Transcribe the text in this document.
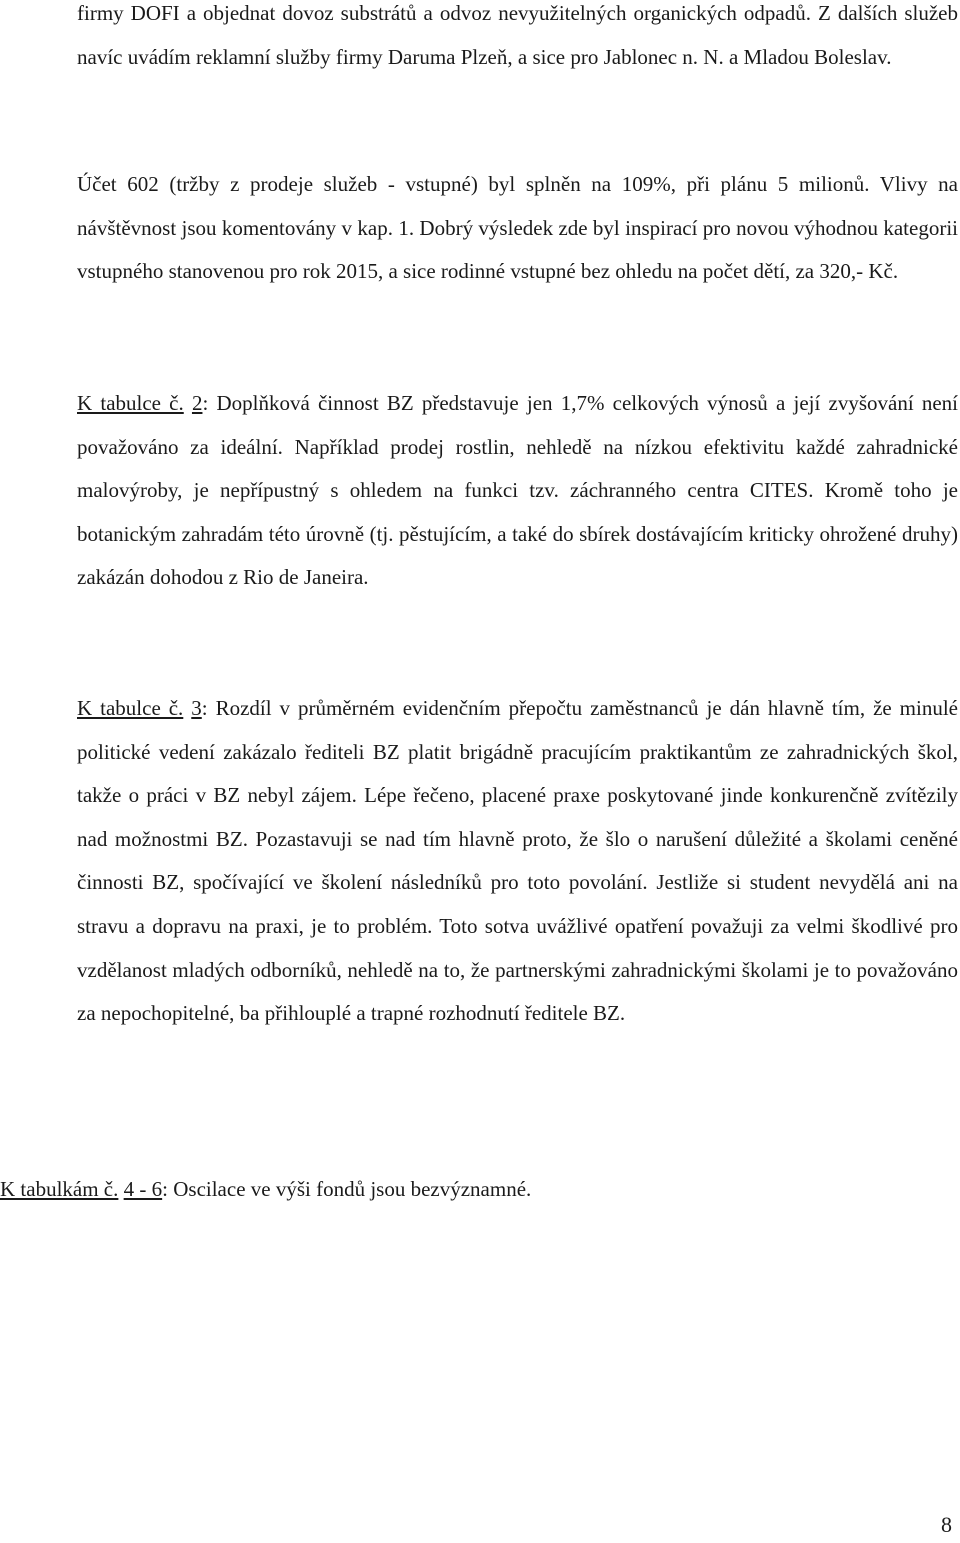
firmy DOFI a objednat dovoz substrátů a odvoz nevyužitelných organických odpadů. Z dalších služeb navíc uvádím reklamní služby firmy Daruma Plzeň, a sice pro Jablonec n. N. a Mladou Boleslav.

Účet 602 (tržby z prodeje služeb - vstupné) byl splněn na 109%, při plánu 5 milionů. Vlivy na návštěvnost jsou komentovány v kap. 1. Dobrý výsledek zde byl inspirací pro novou výhodnou kategorii vstupného stanovenou pro rok 2015, a sice rodinné vstupné bez ohledu na počet dětí, za 320,- Kč.

K tabulce č. 2: Doplňková činnost BZ představuje jen 1,7% celkových výnosů a její zvyšování není považováno za ideální. Například prodej rostlin, nehledě na nízkou efektivitu každé zahradnické malovýroby, je nepřípustný s ohledem na funkci tzv. záchranného centra CITES. Kromě toho je botanickým zahradám této úrovně (tj. pěstujícím, a také do sbírek dostávajícím kriticky ohrožené druhy) zakázán dohodou z Rio de Janeira.

K tabulce č. 3: Rozdíl v průměrném evidenčním přepočtu zaměstnanců je dán hlavně tím, že minulé politické vedení zakázalo řediteli BZ platit brigádně pracujícím praktikantům ze zahradnických škol, takže o práci v BZ nebyl zájem. Lépe řečeno, placené praxe poskytované jinde konkurenčně zvítězily nad možnostmi BZ. Pozastavuji se nad tím hlavně proto, že šlo o narušení důležité a školami ceněné činnosti BZ, spočívající ve školení následníků pro toto povolání. Jestliže si student nevydělá ani na stravu a dopravu na praxi, je to problém. Toto sotva uvážlivé opatření považuji za velmi škodlivé pro vzdělanost mladých odborníků, nehledě na to, že partnerskými zahradnickými školami je to považováno za nepochopitelné, ba přihlouplé a trapné rozhodnutí ředitele BZ.

K tabulkám č. 4 - 6: Oscilace ve výši fondů jsou bezvýznamné.

8
